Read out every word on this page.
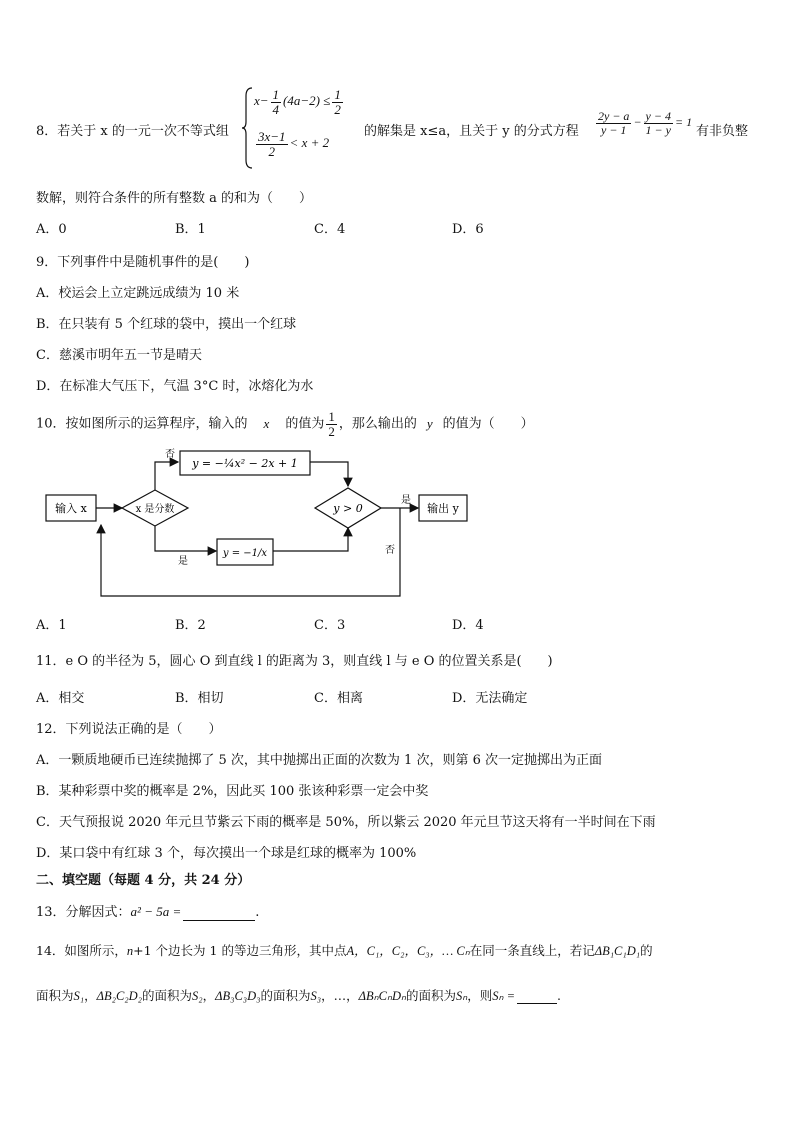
8．若关于 x 的一元一次不等式组
$x- \frac{1}{4} (4a-2) \le \frac{1}{2}$
$\frac{3x-1}{2} < x + 2$
的解集是 x≤a，且关于 y 的分式方程 $\frac{2y - a}{y - 1} - \frac{y - 4}{1 - y} = 1$
有非负整
数解，则符合条件的所有整数 a 的和为（　　）
A．0	B．1	C．4	D．6
9．下列事件中是随机事件的是(　　)
A．校运会上立定跳远成绩为 10 米
B．在只装有 5 个红球的袋中，摸出一个红球
C．慈溪市明年五一节是晴天
D．在标准大气压下，气温 3°C 时，冰熔化为水
10．按如图所示的运算程序，输入的 x 的值为 $\frac{1}{2}$ ，那么输出的 y 的值为（　　）
输入 x	x 是分数
否
y = −¼x² − 2x + 1
是
y = −1/x
y > 0
是
输出 y
否
A．1	B．2	C．3	D．4
11．e O 的半径为 5，圆心 O 到直线 l 的距离为 3，则直线 l 与 e O 的位置关系是(　　)
A．相交	B．相切	C．相离	D．无法确定
12．下列说法正确的是（　　）
A．一颗质地硬币已连续抛掷了 5 次，其中抛掷出正面的次数为 1 次，则第 6 次一定抛掷出为正面
B．某种彩票中奖的概率是 2%，因此买 100 张该种彩票一定会中奖
C．天气预报说 2020 年元旦节紫云下雨的概率是 50%，所以紫云 2020 年元旦节这天将有一半时间在下雨
D．某口袋中有红球 3 个，每次摸出一个球是红球的概率为 100%
二、填空题（每题 4 分，共 24 分）
13．分解因式：a² − 5a =	.
14．如图所示，n+1 个边长为 1 的等边三角形，其中点A，C₁，C₂，C₃，… Cₙ在同一条直线上，若记ΔB₁C₁D₁的
面积为S₁，ΔB₂C₂D₂的面积为S₂，ΔB₃C₃D₃的面积为S₃，…，ΔBₙCₙDₙ的面积为Sₙ，则Sₙ =	.
